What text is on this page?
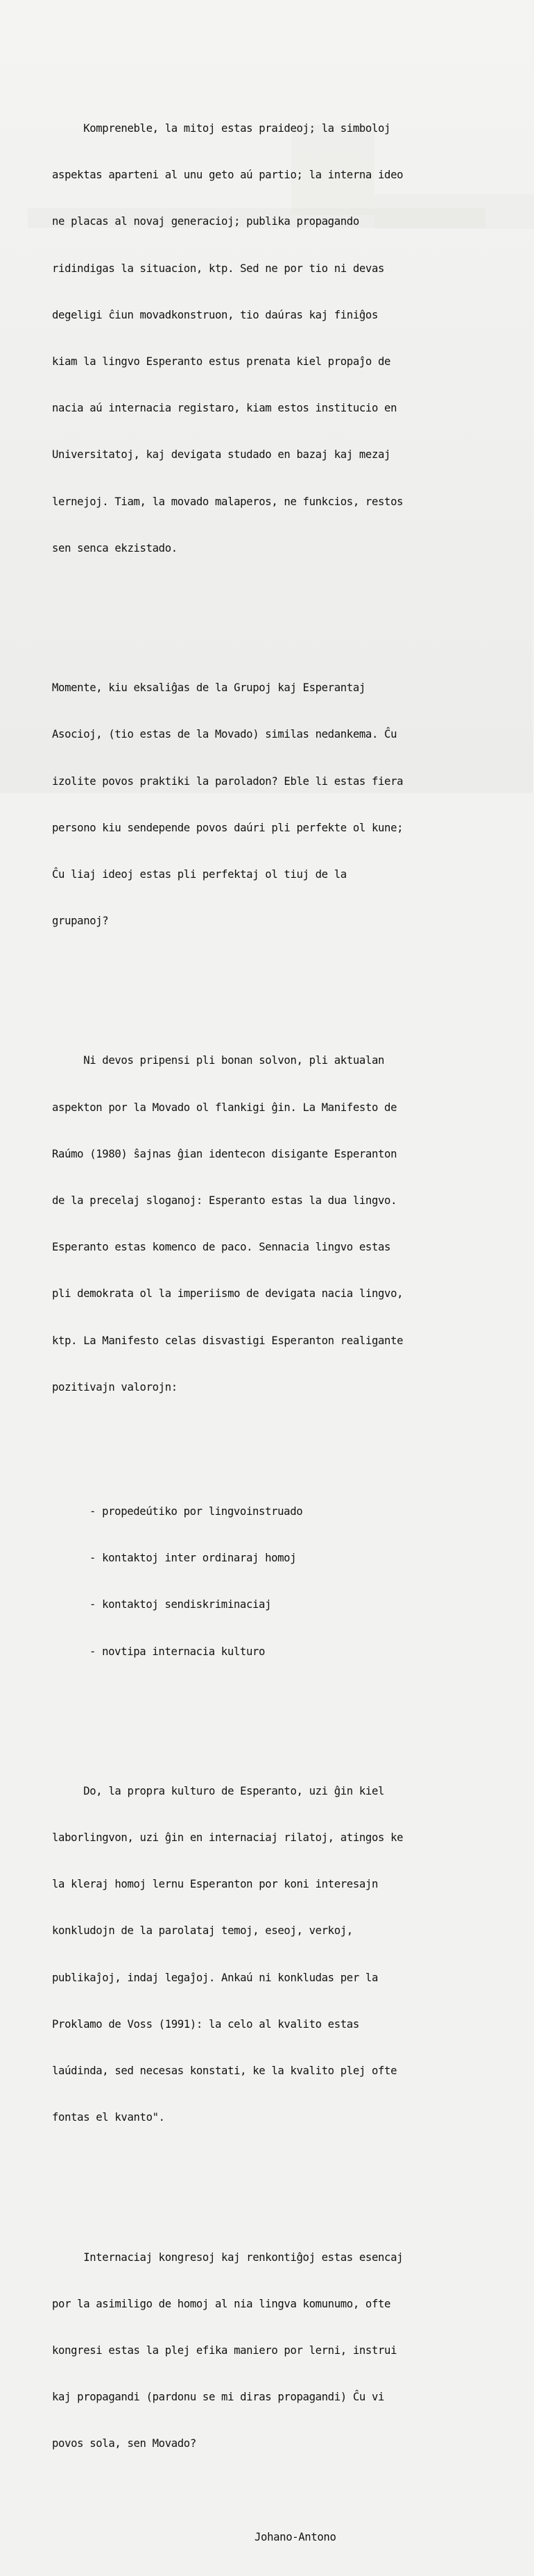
Kompreneble, la mitoj estas praideoj; la simboloj

aspektas aparteni al unu geto aú partio; la interna ideo

ne placas al novaj generacioj; publika propagando

ridindigas la situacion, ktp. Sed ne por tio ni devas

degeligi ĉiun movadkonstruon, tio daúras kaj finiĝos

kiam la lingvo Esperanto estus prenata kiel propaĵo de

nacia aú internacia registaro, kiam estos institucio en

Universitatoj, kaj devigata studado en bazaj kaj mezaj

lernejoj. Tiam, la movado malaperos, ne funkcios, restos

sen senca ekzistado.

Momente, kiu eksaliĝas de la Grupoj kaj Esperantaj

Asocioj, (tio estas de la Movado) similas nedankema. Ĉu

izolite povos praktiki la paroladon? Eble li estas fiera

persono kiu sendepende povos daúri pli perfekte ol kune;

Ĉu liaj ideoj estas pli perfektaj ol tiuj de la

grupanoj?

Ni devos pripensi pli bonan solvon, pli aktualan

aspekton por la Movado ol flankigi ĝin. La Manifesto de

Raúmo (1980) ŝajnas ĝian identecon disigante Esperanton

de la precelaj sloganoj: Esperanto estas la dua lingvo.

Esperanto estas komenco de paco. Sennacia lingvo estas

pli demokrata ol la imperiismo de devigata nacia lingvo,

ktp. La Manifesto celas disvastigi Esperanton realigante

pozitivajn valorojn:

- propedeútiko por lingvoinstruado

- kontaktoj inter ordinaraj homoj

- kontaktoj sendiskriminaciaj

- novtipa internacia kulturo

Do, la propra kulturo de Esperanto, uzi ĝin kiel

laborlingvon, uzi ĝin en internaciaj rilatoj, atingos ke

la kleraj homoj lernu Esperanton por koni interesajn

konkludojn de la parolataj temoj, eseoj, verkoj,

publikaĵoj, indaj legaĵoj. Ankaú ni konkludas per la

Proklamo de Voss (1991): la celo al kvalito estas

laúdinda, sed necesas konstati, ke la kvalito plej ofte

fontas el kvanto".

Internaciaj kongresoj kaj renkontiĝoj estas esencaj

por la asimiligo de homoj al nia lingva komunumo, ofte

kongresi estas la plej efika maniero por lerni, instrui

kaj propagandi (pardonu se mi diras propagandi) Ĉu vi

povos sola, sen Movado?

Johano-Antono
